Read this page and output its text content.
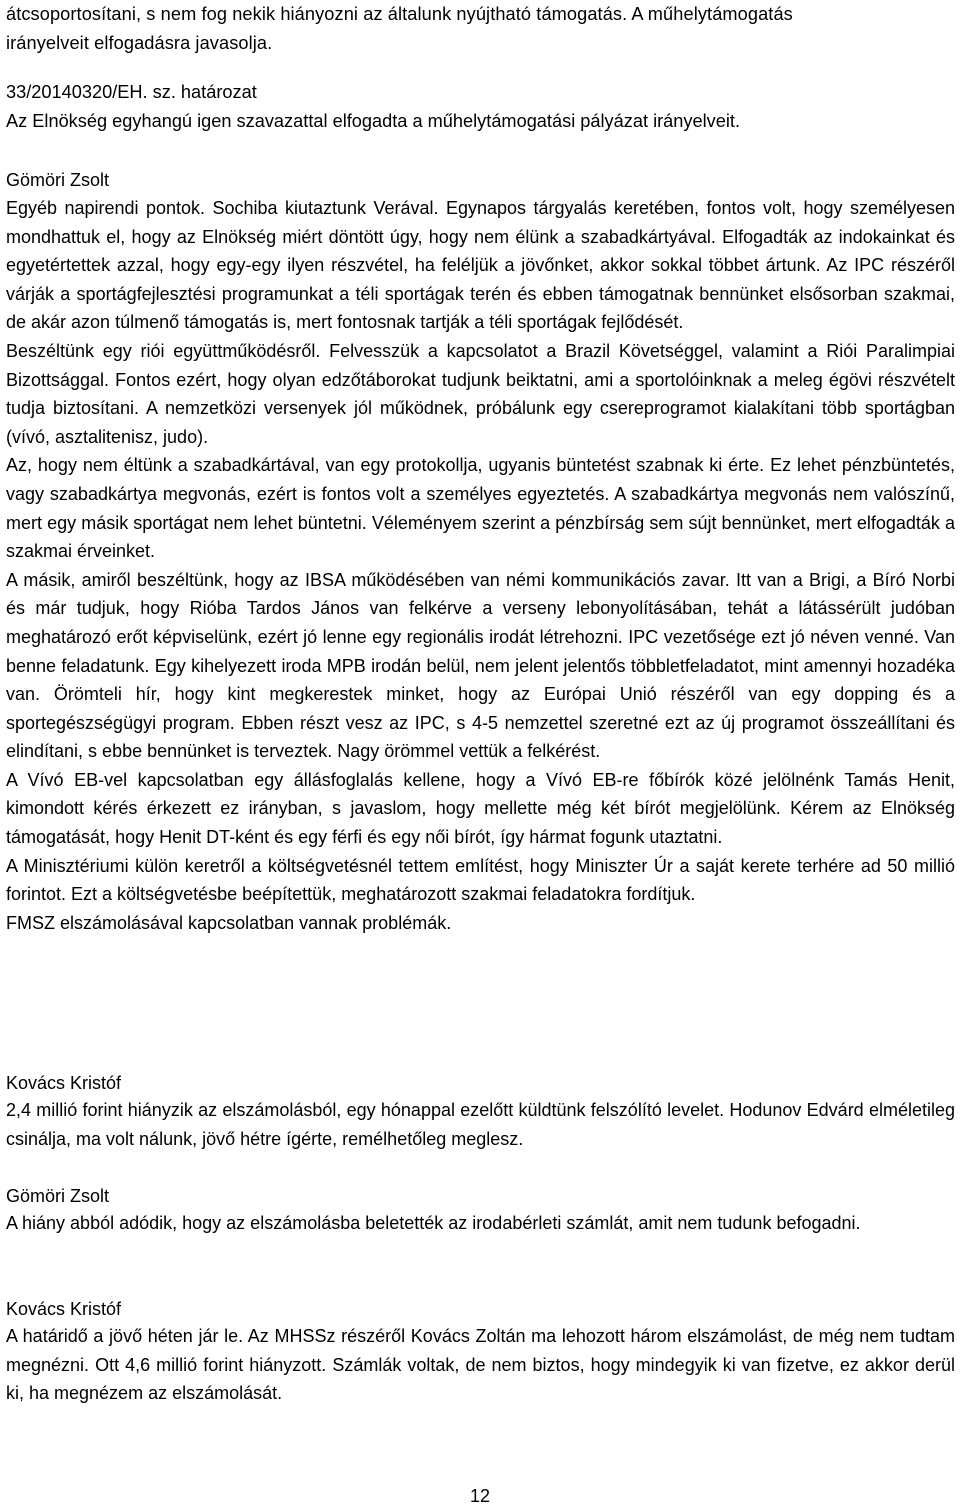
átcsoportosítani, s nem fog nekik hiányozni az általunk nyújtható támogatás. A műhelytámogatás

irányelveit elfogadásra javasolja.

33/20140320/EH. sz. határozat

Az Elnökség egyhangú igen szavazattal elfogadta a műhelytámogatási pályázat irányelveit.

Gömöri Zsolt

Egyéb napirendi pontok. Sochiba kiutaztunk Verával. Egynapos tárgyalás keretében, fontos volt, hogy személyesen mondhattuk el, hogy az Elnökség miért döntött úgy, hogy nem élünk a szabadkártyával. Elfogadták az indokainkat és egyetértettek azzal, hogy egy-egy ilyen részvétel, ha feléljük a jövőnket, akkor sokkal többet ártunk. Az IPC részéről várják a sportágfejlesztési programunkat a téli sportágak terén és ebben támogatnak bennünket elsősorban szakmai, de akár azon túlmenő támogatás is, mert fontosnak tartják a téli sportágak fejlődését.

Beszéltünk egy riói együttműködésről. Felvesszük a kapcsolatot a Brazil Követséggel, valamint a Riói Paralimpiai Bizottsággal. Fontos ezért, hogy olyan edzőtáborokat tudjunk beiktatni, ami a sportolóinknak a meleg égövi részvételt tudja biztosítani. A nemzetközi versenyek jól működnek, próbálunk egy csereprogramot kialakítani több sportágban (vívó, asztalitenisz, judo).

Az, hogy nem éltünk a szabadkártával, van egy protokollja, ugyanis büntetést szabnak ki érte. Ez lehet pénzbüntetés, vagy szabadkártya megvonás, ezért is fontos volt a személyes egyeztetés. A szabadkártya megvonás nem valószínű, mert egy másik sportágat nem lehet büntetni. Véleményem szerint a pénzbírság sem sújt bennünket, mert elfogadták a szakmai érveinket.

A másik, amiről beszéltünk, hogy az IBSA működésében van némi kommunikációs zavar. Itt van a Brigi, a Bíró Norbi és már tudjuk, hogy Rióba Tardos János van felkérve a verseny lebonyolításában, tehát a látássérült judóban meghatározó erőt képviselünk, ezért jó lenne egy regionális irodát létrehozni. IPC vezetősége ezt jó néven venné. Van benne feladatunk. Egy kihelyezett iroda MPB irodán belül, nem jelent jelentős többletfeladatot, mint amennyi hozadéka van. Örömteli hír, hogy kint megkerestek minket, hogy az Európai Unió részéről van egy dopping és a sportegészségügyi program. Ebben részt vesz az IPC, s 4-5 nemzettel szeretné ezt az új programot összeállítani és elindítani, s ebbe bennünket is terveztek. Nagy örömmel vettük a felkérést.

A Vívó EB-vel kapcsolatban egy állásfoglalás kellene, hogy a Vívó EB-re főbírók közé jelölnénk Tamás Henit, kimondott kérés érkezett ez irányban, s javaslom, hogy mellette még két bírót megjelölünk. Kérem az Elnökség támogatását, hogy Henit DT-ként és egy férfi és egy női bírót, így hármat fogunk utaztatni.

A Minisztériumi külön keretről a költségvetésnél tettem említést, hogy Miniszter Úr a saját kerete terhére ad 50 millió forintot. Ezt a költségvetésbe beépítettük, meghatározott szakmai feladatokra fordítjuk.

FMSZ elszámolásával kapcsolatban vannak problémák.

Kovács Kristóf

2,4 millió forint hiányzik az elszámolásból, egy hónappal ezelőtt küldtünk felszólító levelet. Hodunov Edvárd elméletileg csinálja, ma volt nálunk, jövő hétre ígérte, remélhetőleg meglesz.

Gömöri Zsolt

A hiány abból adódik, hogy az elszámolásba beletették az irodabérleti számlát, amit nem tudunk befogadni.

Kovács Kristóf

A határidő a jövő héten jár le. Az MHSSz részéről Kovács Zoltán ma lehozott három elszámolást, de még nem tudtam megnézni. Ott 4,6 millió forint hiányzott. Számlák voltak, de nem biztos, hogy mindegyik ki van fizetve, ez akkor derül ki, ha megnézem az elszámolását.

12
